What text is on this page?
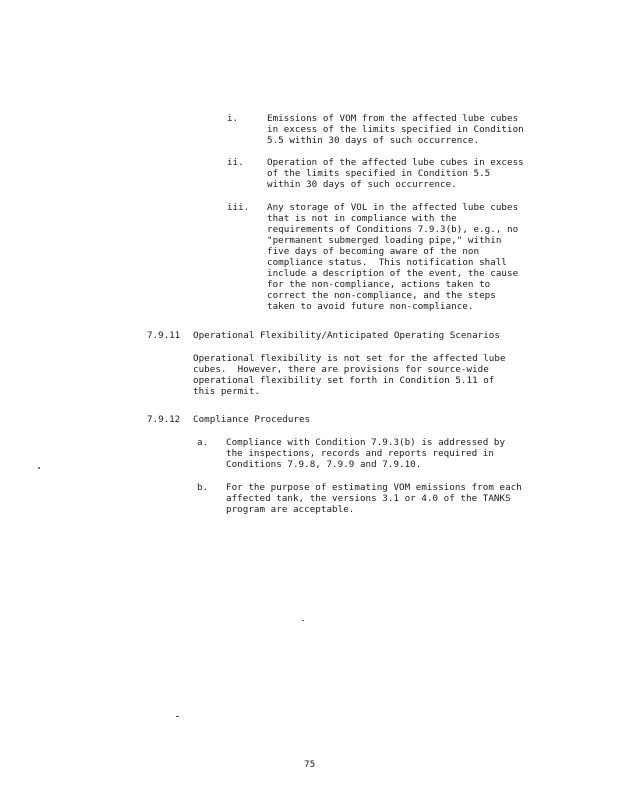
i.	Emissions of VOM from the affected lube cubes
in excess of the limits specified in Condition
5.5 within 30 days of such occurrence.
ii.	Operation of the affected lube cubes in excess
of the limits specified in Condition 5.5
within 30 days of such occurrence.
iii. Any storage of VOL in the affected lube cubes
that is not in compliance with the
requirements of Conditions 7.9.3(b), e.g., no
"permanent submerged loading pipe," within
five days of becoming aware of the non
compliance status.  This notification shall
include a description of the event, the cause
for the non-compliance, actions taken to
correct the non-compliance, and the steps
taken to avoid future non-compliance.
7.9.11 Operational Flexibility/Anticipated Operating Scenarios
Operational flexibility is not set for the affected lube
cubes.  However, there are provisions for source-wide
operational flexibility set forth in Condition 5.11 of
this permit.
7.9.12 Compliance Procedures
a. Compliance with Condition 7.9.3(b) is addressed by
the inspections, records and reports required in
Conditions 7.9.8, 7.9.9 and 7.9.10.
b. For the purpose of estimating VOM emissions from each
affected tank, the versions 3.1 or 4.0 of the TANKS
program are acceptable.
75
